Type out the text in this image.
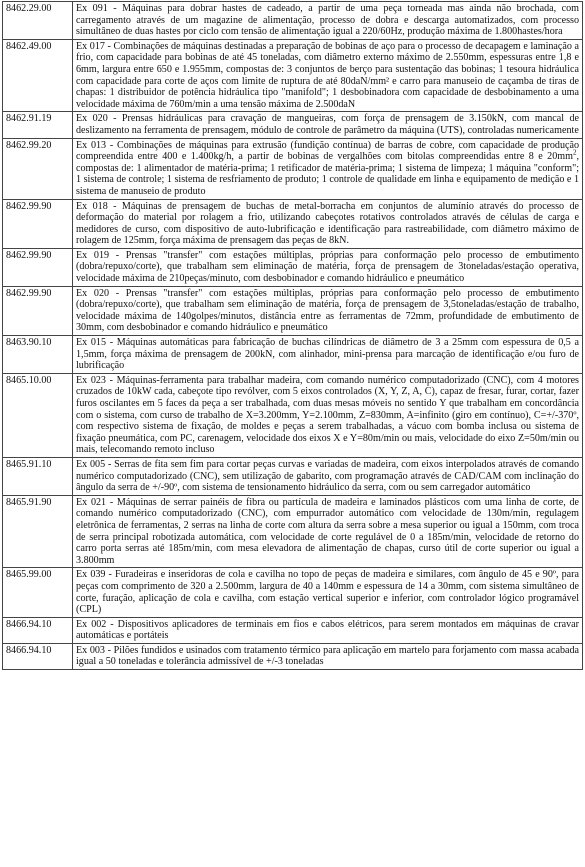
8462.29.00	Ex 091 - Máquinas para dobrar hastes de cadeado, a partir de uma peça torneada mas ainda não brochada, com carregamento através de um magazine de alimentação, processo de dobra e descarga automatizados, com processo simultâneo de duas hastes por ciclo com tensão de alimentação igual a 220/60Hz, produção máxima de 1.800hastes/hora
8462.49.00	Ex 017 - Combinações de máquinas destinadas a preparação de bobinas de aço para o processo de decapagem e laminação a frio, com capacidade para bobinas de até 45 toneladas, com diâmetro externo máximo de 2.550mm, espessuras entre 1,8 e 6mm, largura entre 650 e 1.955mm, compostas de: 3 conjuntos de berço para sustentação das bobinas; 1 tesoura hidráulica com capacidade para corte de aços com limite de ruptura de até 80daN/mm² e carro para manuseio de caçamba de tiras de chapas: 1 distribuidor de potência hidráulica tipo "manifold"; 1 desbobinadora com capacidade de desbobinamento a uma velocidade máxima de 760m/min a uma tensão máxima de 2.500daN
8462.91.19	Ex 020 - Prensas hidráulicas para cravação de mangueiras, com força de prensagem de 3.150kN, com mancal de deslizamento na ferramenta de prensagem, módulo de controle de parâmetro da máquina (UTS), controladas numericamente
8462.99.20	Ex 013 - Combinações de máquinas para extrusão (fundição contínua) de barras de cobre, com capacidade de produção compreendida entre 400 e 1.400kg/h, a partir de bobinas de vergalhões com bitolas compreendidas entre 8 e $20mm^2$, compostas de: 1 alimentador de matéria-prima; 1 retificador de matéria-prima; 1 sistema de limpeza; 1 máquina "conform"; 1 sistema de controle; 1 sistema de resfriamento de produto; 1 controle de qualidade em linha e equipamento de medição e 1 sistema de manuseio de produto
8462.99.90	Ex 018 - Máquinas de prensagem de buchas de metal-borracha em conjuntos de alumínio através do processo de deformação do material por rolagem a frio, utilizando cabeçotes rotativos controlados através de células de carga e medidores de curso, com dispositivo de auto-lubrificação e identificação para rastreabilidade, com diâmetro máximo de rolagem de 125mm, força máxima de prensagem das peças de 8kN.
8462.99.90	Ex 019 - Prensas "transfer" com estações múltiplas, próprias para conformação pelo processo de embutimento (dobra/repuxo/corte), que trabalham sem eliminação de matéria, força de prensagem de 3toneladas/estação operativa, velocidade máxima de 210peças/minuto, com desbobinador e comando hidráulico e pneumático
8462.99.90	Ex 020 - Prensas "transfer" com estações múltiplas, próprias para conformação pelo processo de embutimento (dobra/repuxo/corte), que trabalham sem eliminação de matéria, força de prensagem de 3,5toneladas/estação de trabalho, velocidade máxima de 140golpes/minutos, distância entre as ferramentas de 72mm, profundidade de embutimento de 30mm, com desbobinador e comando hidráulico e pneumático
8463.90.10	Ex 015 - Máquinas automáticas para fabricação de buchas cilíndricas de diâmetro de 3 a 25mm com espessura de 0,5 a 1,5mm, força máxima de prensagem de 200kN, com alinhador, mini-prensa para marcação de identificação e/ou furo de lubrificação
8465.10.00	Ex 023 - Máquinas-ferramenta para trabalhar madeira, com comando numérico computadorizado (CNC), com 4 motores cruzados de 10kW cada, cabeçote tipo revólver, com 5 eixos controlados (X, Y, Z, A, C), capaz de fresar, furar, cortar, fazer furos oscilantes em 5 faces da peça a ser trabalhada, com duas mesas móveis no sentido Y que trabalham em concordância com o sistema, com curso de trabalho de X=3.200mm, Y=2.100mm, Z=830mm, A=infinito (giro em contínuo), C=+/-370º, com respectivo sistema de fixação, de moldes e peças a serem trabalhadas, a vácuo com bomba inclusa ou sistema de fixação pneumática, com PC, carenagem, velocidade dos eixos X e Y=80m/min ou mais, velocidade do eixo Z=50m/min ou mais, telecomando remoto incluso
8465.91.10	Ex 005 - Serras de fita sem fim para cortar peças curvas e variadas de madeira, com eixos interpolados através de comando numérico computadorizado (CNC), sem utilização de gabarito, com programação através de CAD/CAM com inclinação do ângulo da serra de +/-90º, com sistema de tensionamento hidráulico da serra, com ou sem carregador automático
8465.91.90	Ex 021 - Máquinas de serrar painéis de fibra ou partícula de madeira e laminados plásticos com uma linha de corte, de comando numérico computadorizado (CNC), com empurrador automático com velocidade de 130m/min, regulagem eletrônica de ferramentas, 2 serras na linha de corte com altura da serra sobre a mesa superior ou igual a 150mm, com troca de serra principal robotizada automática, com velocidade de corte regulável de 0 a 185m/min, velocidade de retorno do carro porta serras até 185m/min, com mesa elevadora de alimentação de chapas, curso útil de corte superior ou igual a 3.800mm
8465.99.00	Ex 039 - Furadeiras e inseridoras de cola e cavilha no topo de peças de madeira e similares, com ângulo de 45 e 90º, para peças com comprimento de 320 a 2.500mm, largura de 40 a 140mm e espessura de 14 a 30mm, com sistema simultâneo de corte, furação, aplicação de cola e cavilha, com estação vertical superior e inferior, com controlador lógico programável (CPL)
8466.94.10	Ex 002 - Dispositivos aplicadores de terminais em fios e cabos elétricos, para serem montados em máquinas de cravar automáticas e portáteis
8466.94.10	Ex 003 - Pilões fundidos e usinados com tratamento térmico para aplicação em martelo para forjamento com massa acabada igual a 50 toneladas e tolerância admissível de +/-3 toneladas
